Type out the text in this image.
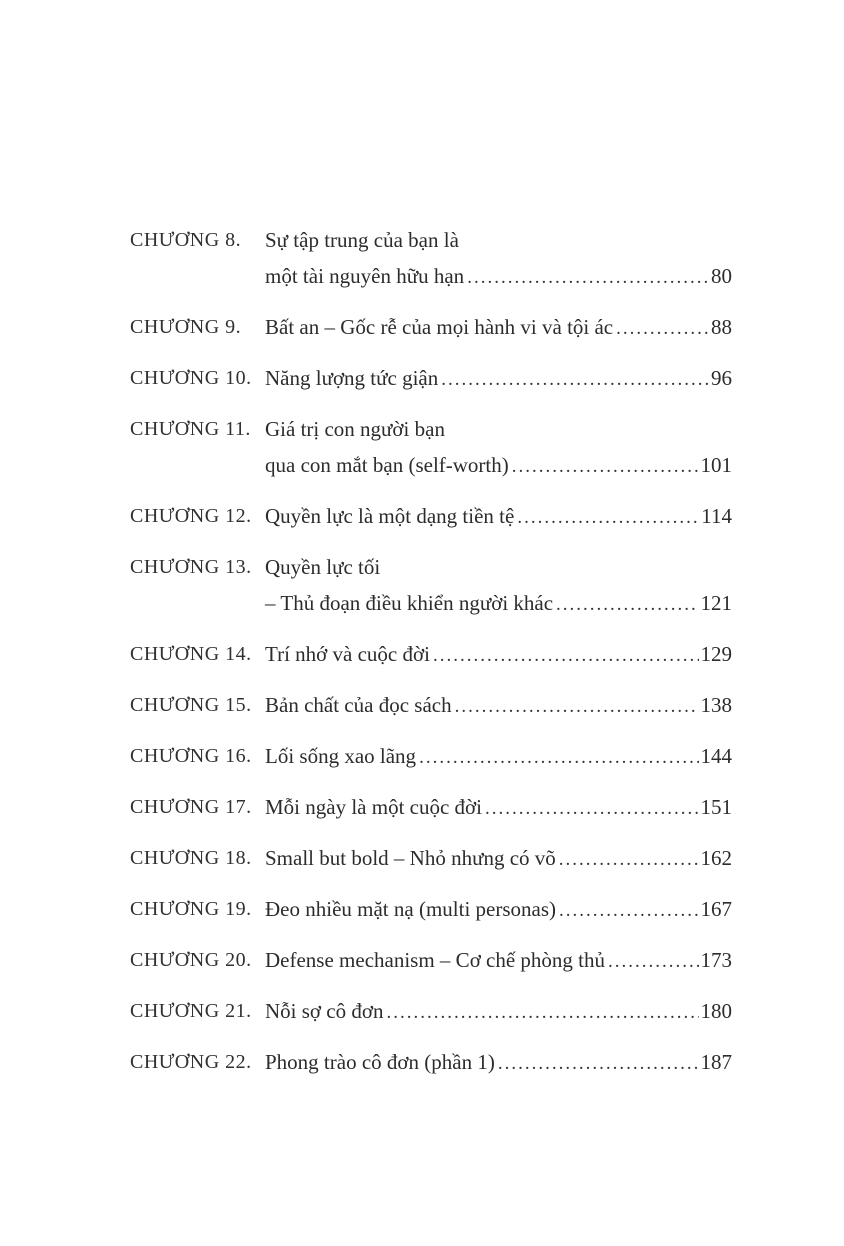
CHƯƠNG 8.	Sự tập trung của bạn là
một tài nguyên hữu hạn .....	80
CHƯƠNG 9.	Bất an – Gốc rễ của mọi hành vi và tội ác .....	88
CHƯƠNG 10. Năng lượng tức giận .....	96
CHƯƠNG 11. Giá trị con người bạn
qua con mắt bạn (self-worth) .....	101
CHƯƠNG 12. Quyền lực là một dạng tiền tệ .....	114
CHƯƠNG 13. Quyền lực tối
– Thủ đoạn điều khiển người khác .....	121
CHƯƠNG 14. Trí nhớ và cuộc đời .....	129
CHƯƠNG 15. Bản chất của đọc sách .....	138
CHƯƠNG 16. Lối sống xao lãng .....	144
CHƯƠNG 17. Mỗi ngày là một cuộc đời .....	151
CHƯƠNG 18. Small but bold – Nhỏ nhưng có võ .....	162
CHƯƠNG 19. Đeo nhiều mặt nạ (multi personas) .....	167
CHƯƠNG 20. Defense mechanism – Cơ chế phòng thủ .....	173
CHƯƠNG 21. Nỗi sợ cô đơn .....	180
CHƯƠNG 22. Phong trào cô đơn (phần 1) .....	187
